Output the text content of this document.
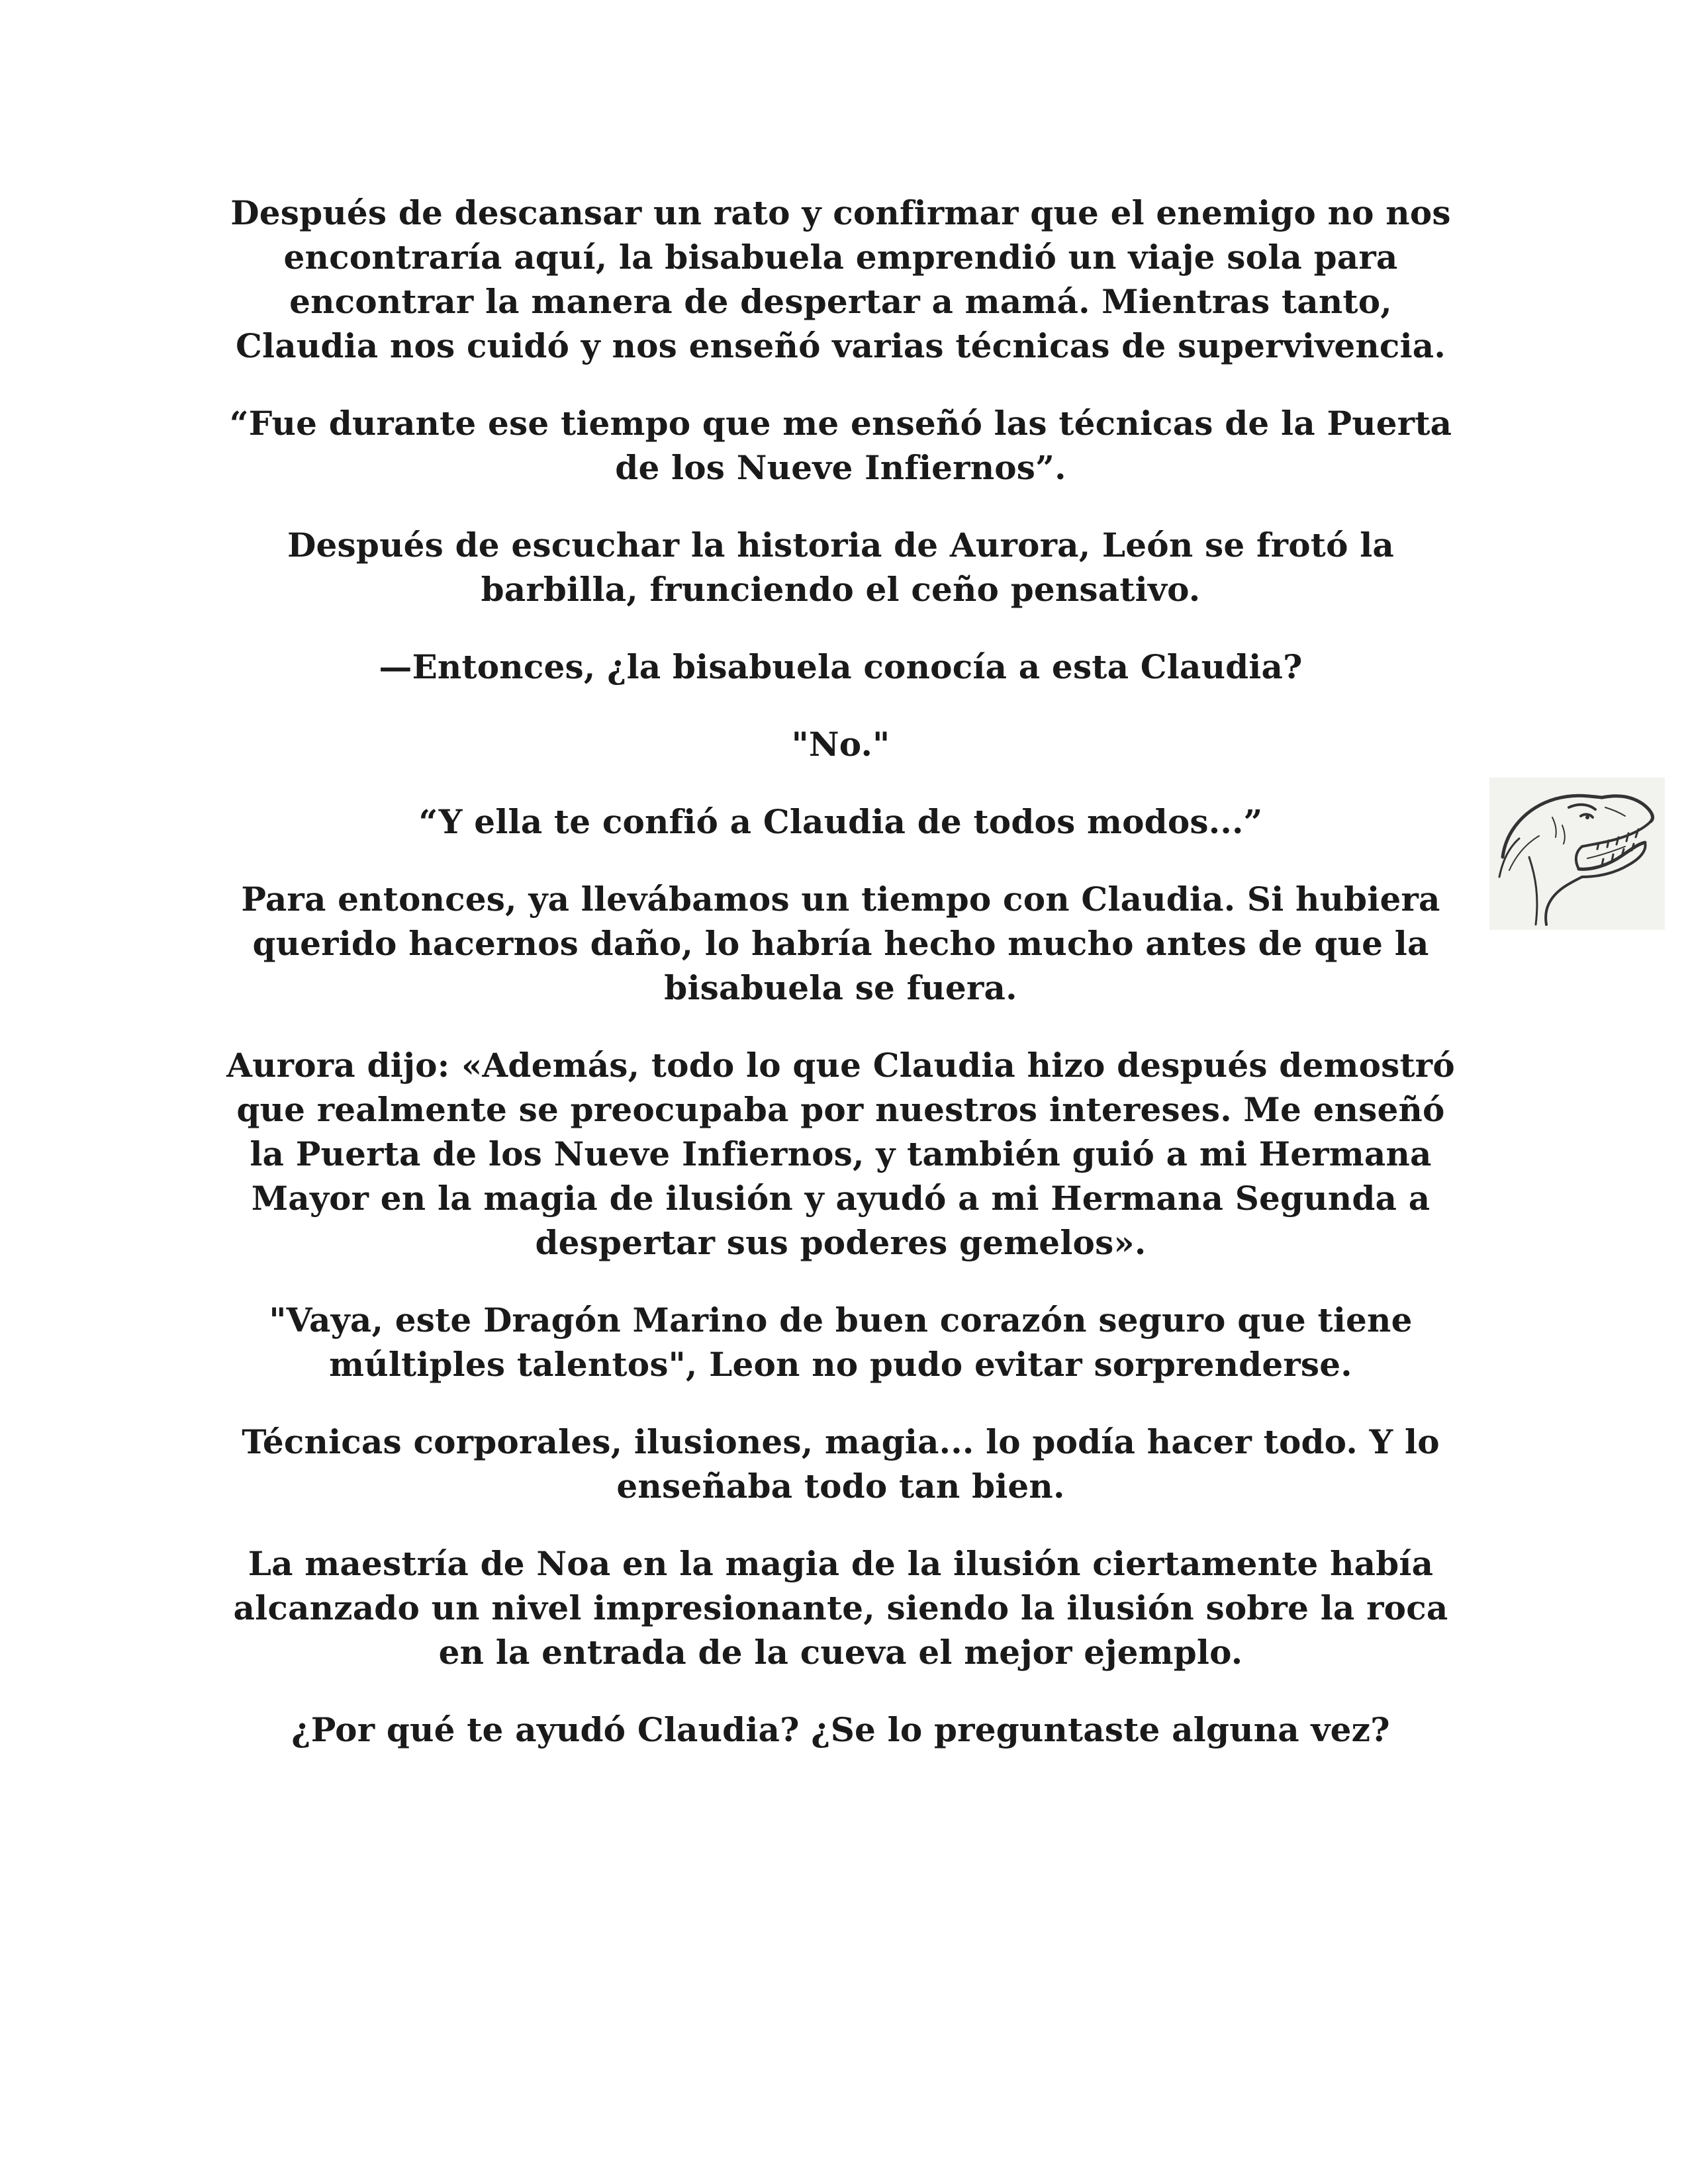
Después de descansar un rato y confirmar que el enemigo no nos encontraría aquí, la bisabuela emprendió un viaje sola para encontrar la manera de despertar a mamá. Mientras tanto, Claudia nos cuidó y nos enseñó varias técnicas de supervivencia.

“Fue durante ese tiempo que me enseñó las técnicas de la Puerta de los Nueve Infiernos”.

Después de escuchar la historia de Aurora, León se frotó la barbilla, frunciendo el ceño pensativo.

—Entonces, ¿la bisabuela conocía a esta Claudia?

"No."

“Y ella te confió a Claudia de todos modos...”

Para entonces, ya llevábamos un tiempo con Claudia. Si hubiera querido hacernos daño, lo habría hecho mucho antes de que la bisabuela se fuera.

Aurora dijo: «Además, todo lo que Claudia hizo después demostró que realmente se preocupaba por nuestros intereses. Me enseñó la Puerta de los Nueve Infiernos, y también guió a mi Hermana Mayor en la magia de ilusión y ayudó a mi Hermana Segunda a despertar sus poderes gemelos».

"Vaya, este Dragón Marino de buen corazón seguro que tiene múltiples talentos", Leon no pudo evitar sorprenderse.

Técnicas corporales, ilusiones, magia... lo podía hacer todo. Y lo enseñaba todo tan bien.

La maestría de Noa en la magia de la ilusión ciertamente había alcanzado un nivel impresionante, siendo la ilusión sobre la roca en la entrada de la cueva el mejor ejemplo.

¿Por qué te ayudó Claudia? ¿Se lo preguntaste alguna vez?
